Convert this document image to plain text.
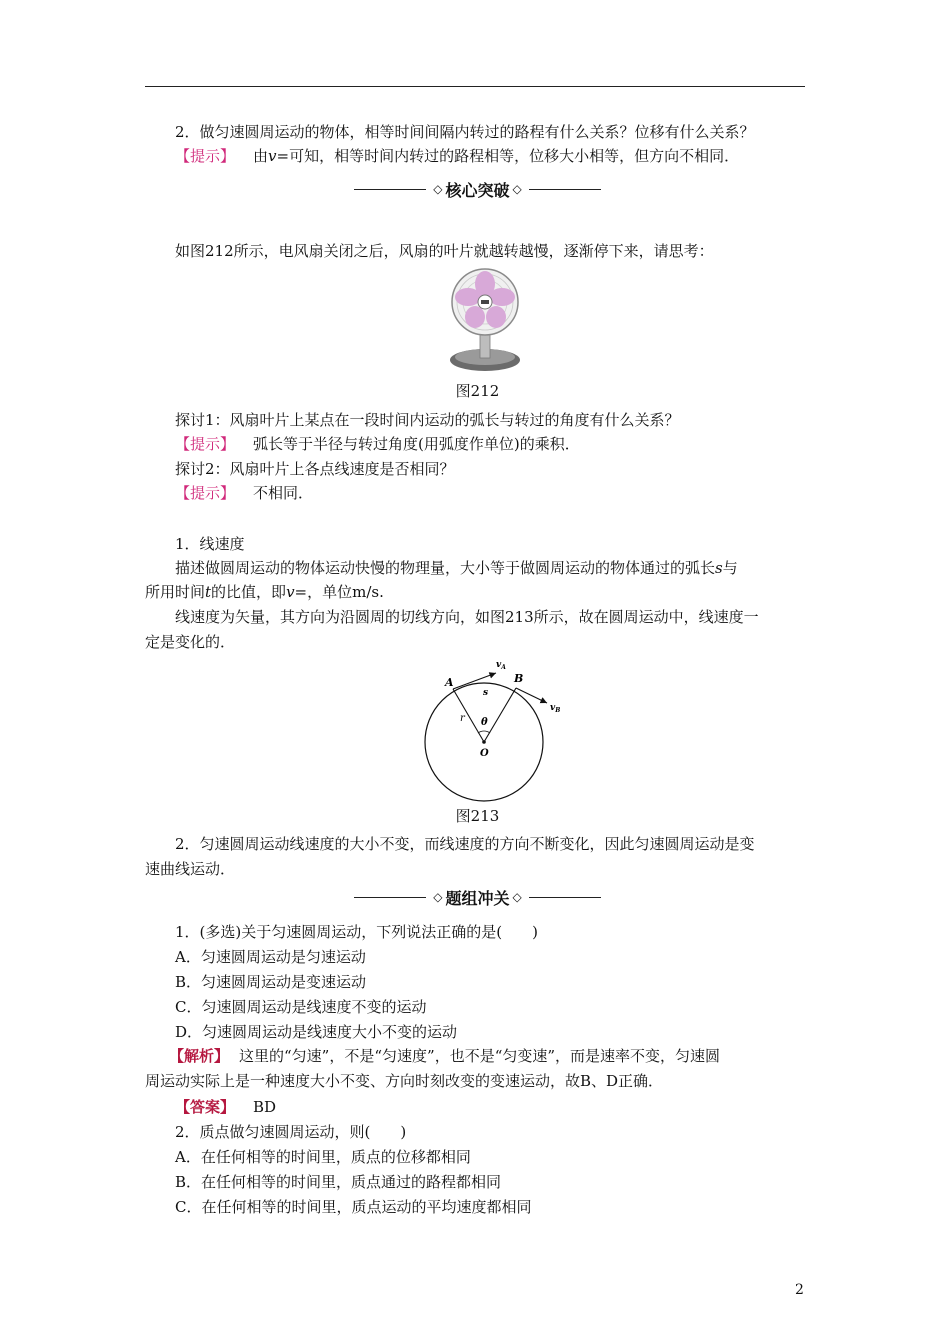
2．做匀速圆周运动的物体，相等时间间隔内转过的路程有什么关系？位移有什么关系？
【提示】 由v=可知，相等时间内转过的路程相等，位移大小相等，但方向不相同．
◇ 核心突破 ◇
如图212所示，电风扇关闭之后，风扇的叶片就越转越慢，逐渐停下来，请思考：
图212
探讨1：风扇叶片上某点在一段时间内运动的弧长与转过的角度有什么关系？
【提示】 弧长等于半径与转过角度(用弧度作单位)的乘积．
探讨2：风扇叶片上各点线速度是否相同？
【提示】 不相同．
1．线速度
描述做圆周运动的物体运动快慢的物理量，大小等于做圆周运动的物体通过的弧长s与
所用时间t的比值，即v=，单位m/s.
线速度为矢量，其方向为沿圆周的切线方向，如图213所示，故在圆周运动中，线速度一
定是变化的．
A	B
O
r
s
θ
$v_A$
$v_B$
图213
2．匀速圆周运动线速度的大小不变，而线速度的方向不断变化，因此匀速圆周运动是变
速曲线运动．
◇ 题组冲关 ◇
1．(多选)关于匀速圆周运动，下列说法正确的是(　　)
A．匀速圆周运动是匀速运动
B．匀速圆周运动是变速运动
C．匀速圆周运动是线速度不变的运动
D．匀速圆周运动是线速度大小不变的运动
【解析】 这里的“匀速”，不是“匀速度”，也不是“匀变速”，而是速率不变，匀速圆
周运动实际上是一种速度大小不变、方向时刻改变的变速运动，故B、D正确．
【答案】 BD
2．质点做匀速圆周运动，则(　　)
A．在任何相等的时间里，质点的位移都相同
B．在任何相等的时间里，质点通过的路程都相同
C．在任何相等的时间里，质点运动的平均速度都相同
2
